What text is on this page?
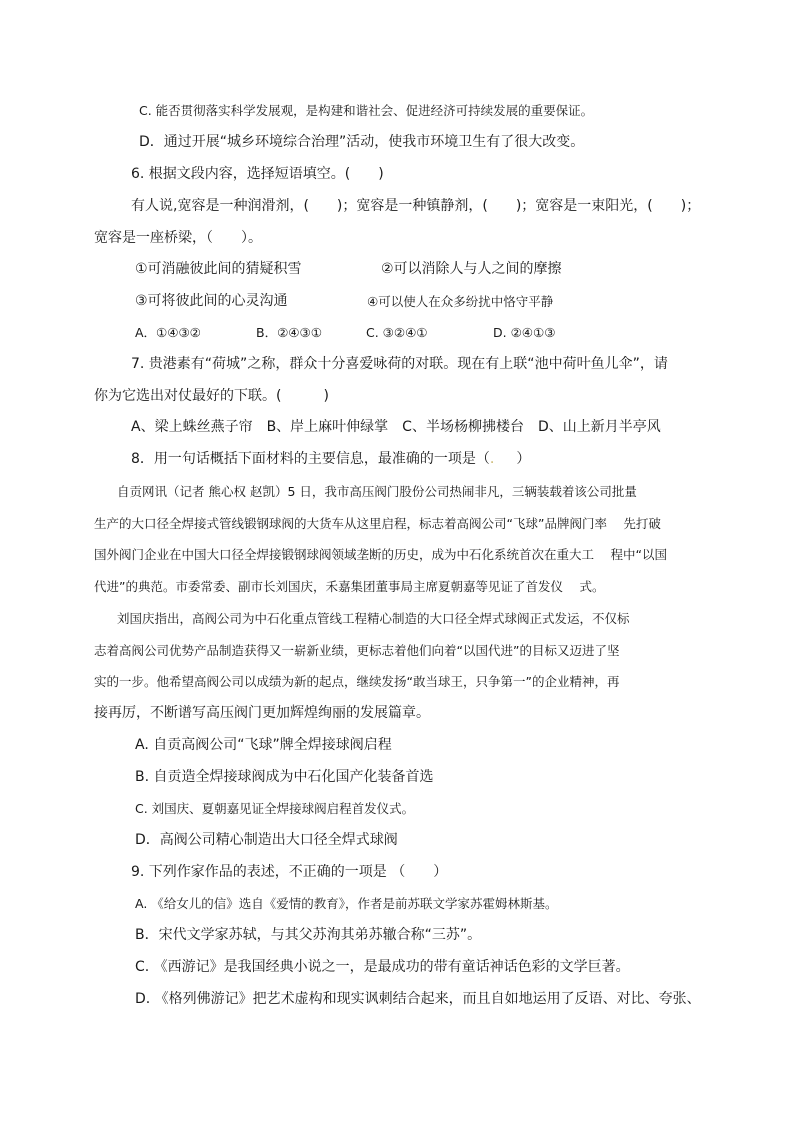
C. 能否贯彻落实科学发展观，是构建和谐社会、促进经济可持续发展的重要保证。
D．通过开展“城乡环境综合治理”活动，使我市环境卫生有了很大改变。
6. 根据文段内容，选择短语填空。(　　)
有人说,宽容是一种润滑剂，(　　)；宽容是一种镇静剂，(　　)；宽容是一束阳光，(　　)；
宽容是一座桥梁，（　　）。
①可消融彼此间的猜疑积雪	②可以消除人与人之间的摩擦
③可将彼此间的心灵沟通	④可以使人在众多纷扰中恪守平静
A．①④③②	B．②④③①	C. ③②④①	D. ②④①③
7. 贵港素有“荷城”之称，群众十分喜爱咏荷的对联。现在有上联“池中荷叶鱼儿伞”，请
你为它选出对仗最好的下联。(　　　)
A、梁上蛛丝燕子帘　B、岸上麻叶伸绿掌　C、半场杨柳拂楼台　D、山上新月半亭风
8．用一句话概括下面材料的主要信息，最准确的一项是（. ）
自贡网讯（记者 熊心权 赵凯）5 日，我市高压阀门股份公司热闹非凡，三辆装载着该公司批量
生产的大口径全焊接式管线锻钢球阀的大货车从这里启程，标志着高阀公司“飞球”品牌阀门率　 先打破
国外阀门企业在中国大口径全焊接锻钢球阀领域垄断的历史，成为中石化系统首次在重大工　 程中“以国
代进”的典范。市委常委、副市长刘国庆，禾嘉集团董事局主席夏朝嘉等见证了首发仪　 式。
刘国庆指出，高阀公司为中石化重点管线工程精心制造的大口径全焊式球阀正式发运，不仅标
志着高阀公司优势产品制造获得又一崭新业绩，更标志着他们向着“以国代进”的目标又迈进了坚
实的一步。他希望高阀公司以成绩为新的起点，继续发扬“敢当球王，只争第一”的企业精神，再
接再厉，不断谱写高压阀门更加辉煌绚丽的发展篇章。
A. 自贡高阀公司“飞球”牌全焊接球阀启程
B. 自贡造全焊接球阀成为中石化国产化装备首选
C. 刘国庆、夏朝嘉见证全焊接球阀启程首发仪式。
D．高阀公司精心制造出大口径全焊式球阀
9. 下列作家作品的表述，不正确的一项是 （　　）
A. 《给女儿的信》选自《爱情的教育》，作者是前苏联文学家苏霍姆林斯基。
B．宋代文学家苏轼，与其父苏洵其弟苏辙合称“三苏”。
C. 《西游记》是我国经典小说之一，是最成功的带有童话神话色彩的文学巨著。
D. 《格列佛游记》把艺术虚构和现实讽刺结合起来，而且自如地运用了反语、对比、夸张、
